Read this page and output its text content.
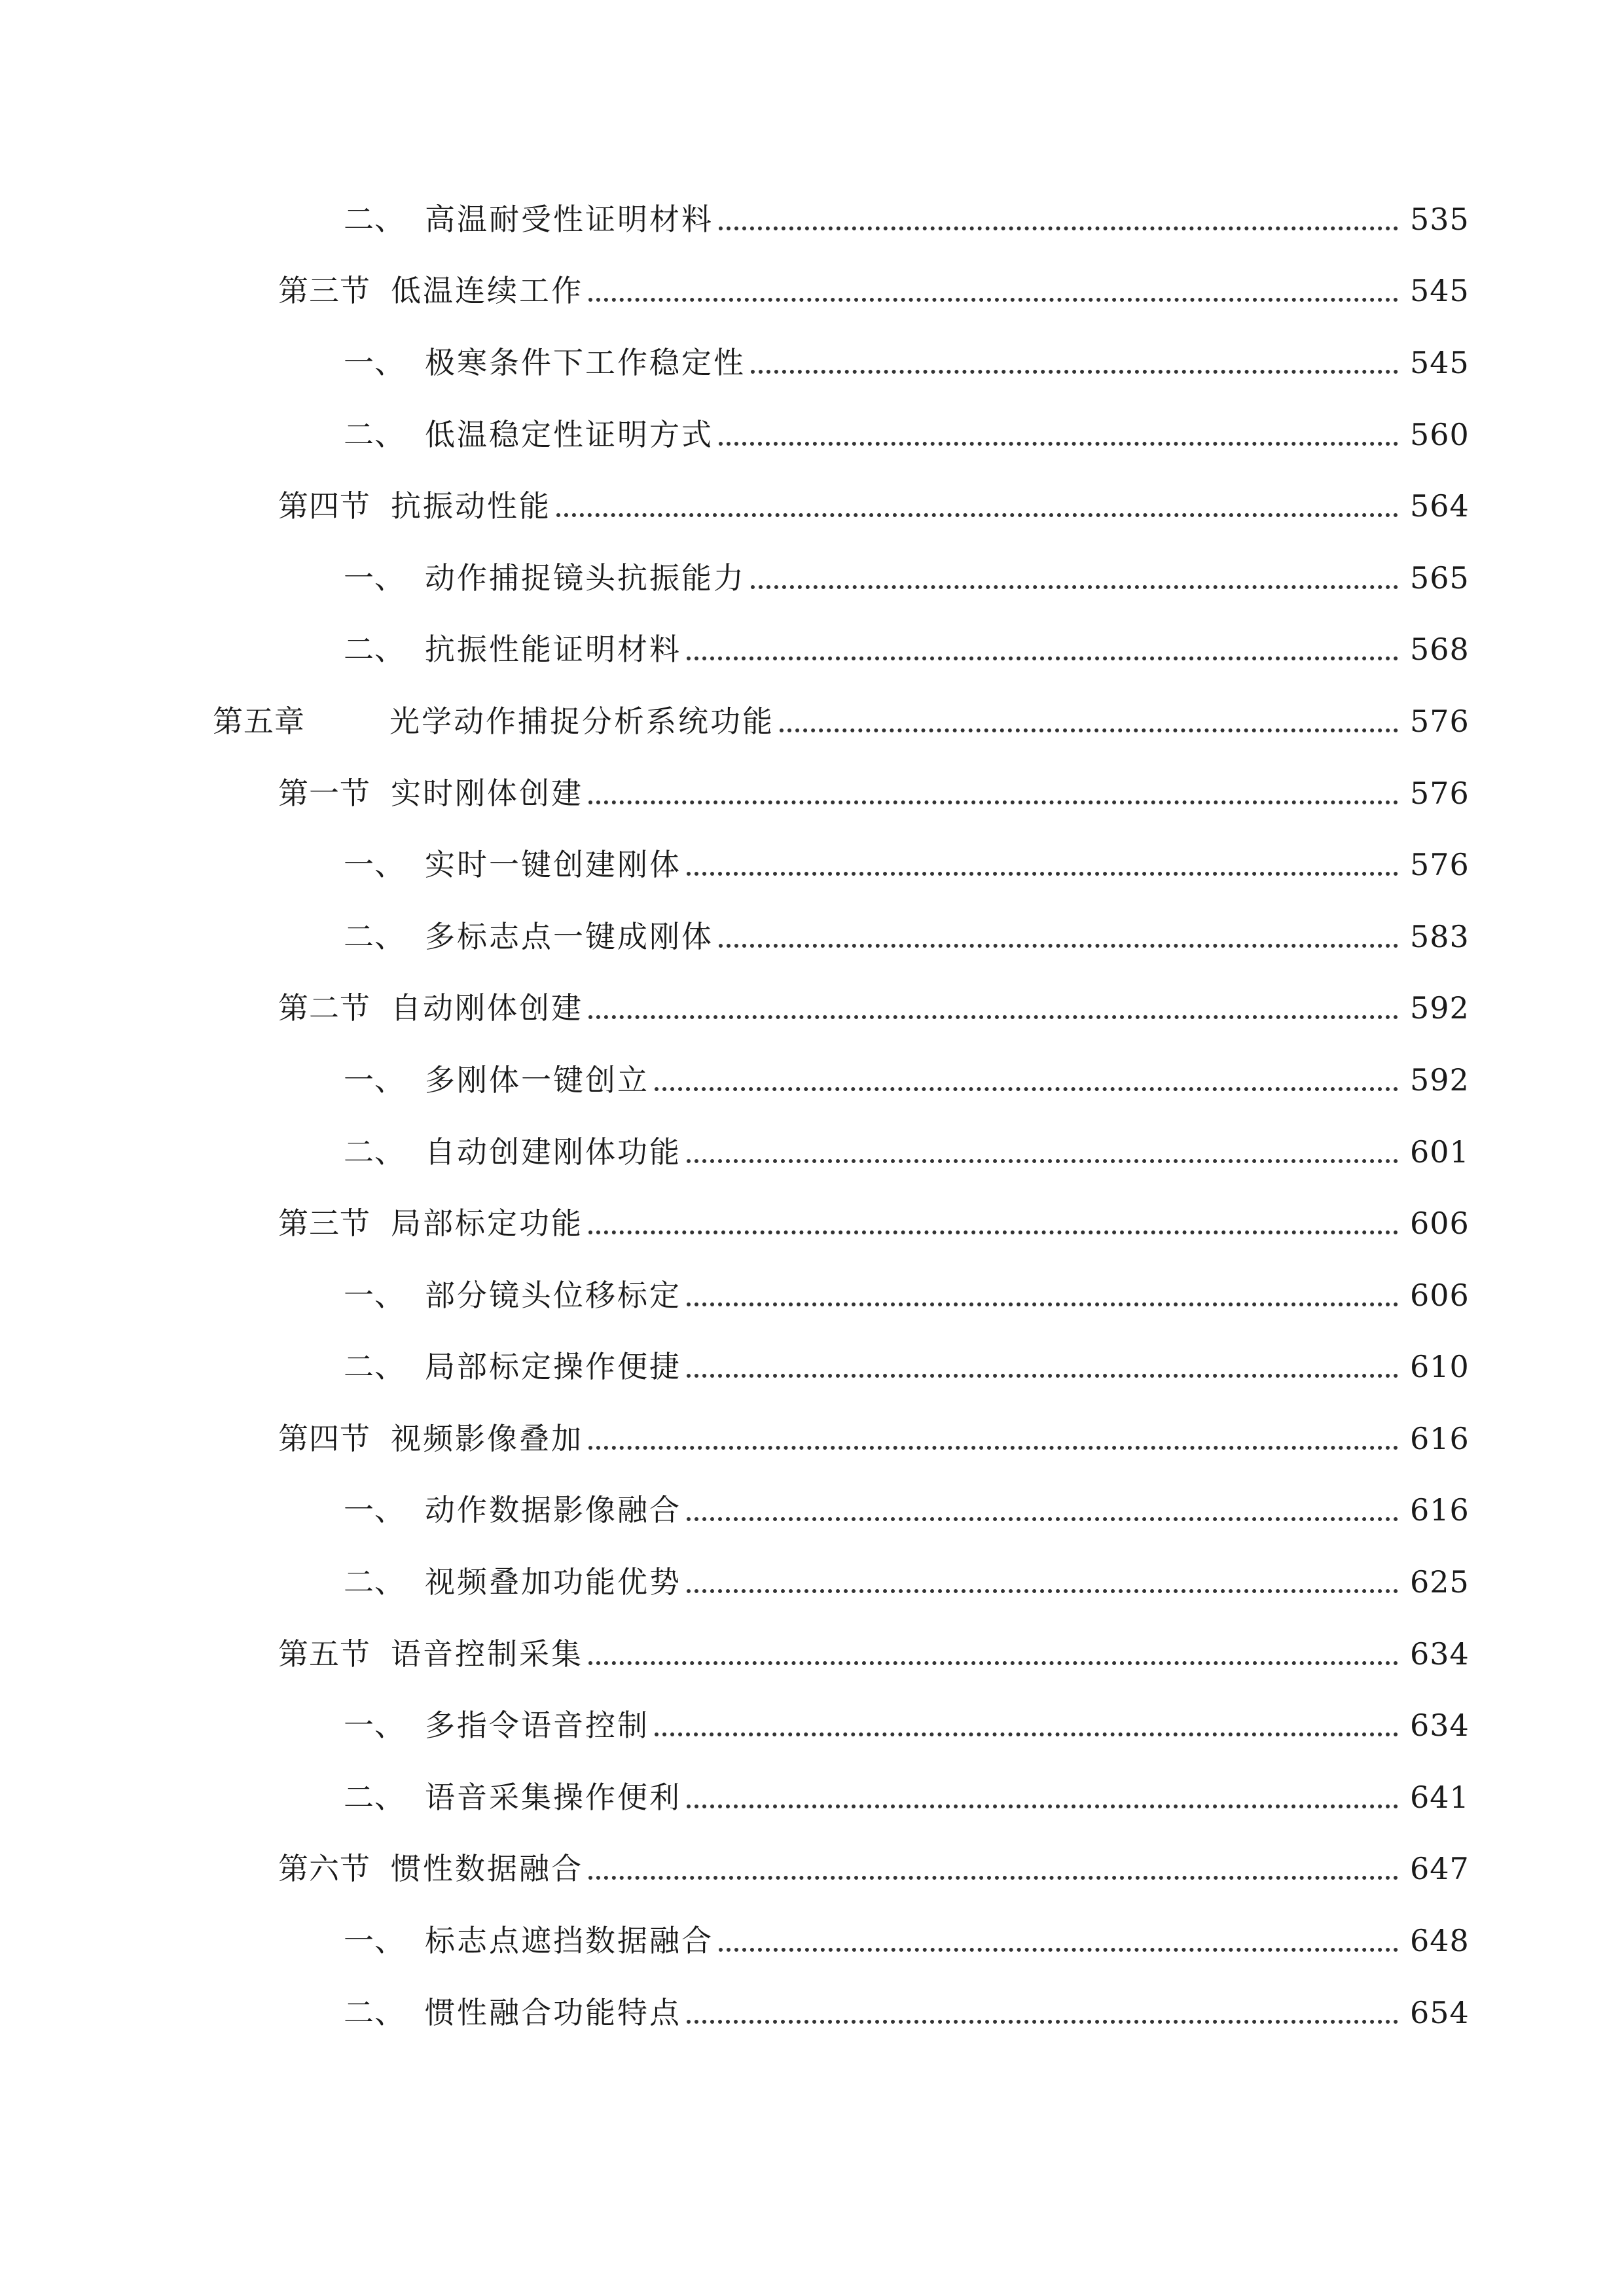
二、 高温耐受性证明材料	535
第三节 低温连续工作	545
一、 极寒条件下工作稳定性	545
二、 低温稳定性证明方式	560
第四节 抗振动性能	564
一、 动作捕捉镜头抗振能力	565
二、 抗振性能证明材料	568
第五章	光学动作捕捉分析系统功能	576
第一节 实时刚体创建	576
一、 实时一键创建刚体	576
二、 多标志点一键成刚体	583
第二节 自动刚体创建	592
一、 多刚体一键创立	592
二、 自动创建刚体功能	601
第三节 局部标定功能	606
一、 部分镜头位移标定	606
二、 局部标定操作便捷	610
第四节 视频影像叠加	616
一、 动作数据影像融合	616
二、 视频叠加功能优势	625
第五节 语音控制采集	634
一、 多指令语音控制	634
二、 语音采集操作便利	641
第六节 惯性数据融合	647
一、 标志点遮挡数据融合	648
二、 惯性融合功能特点	654
